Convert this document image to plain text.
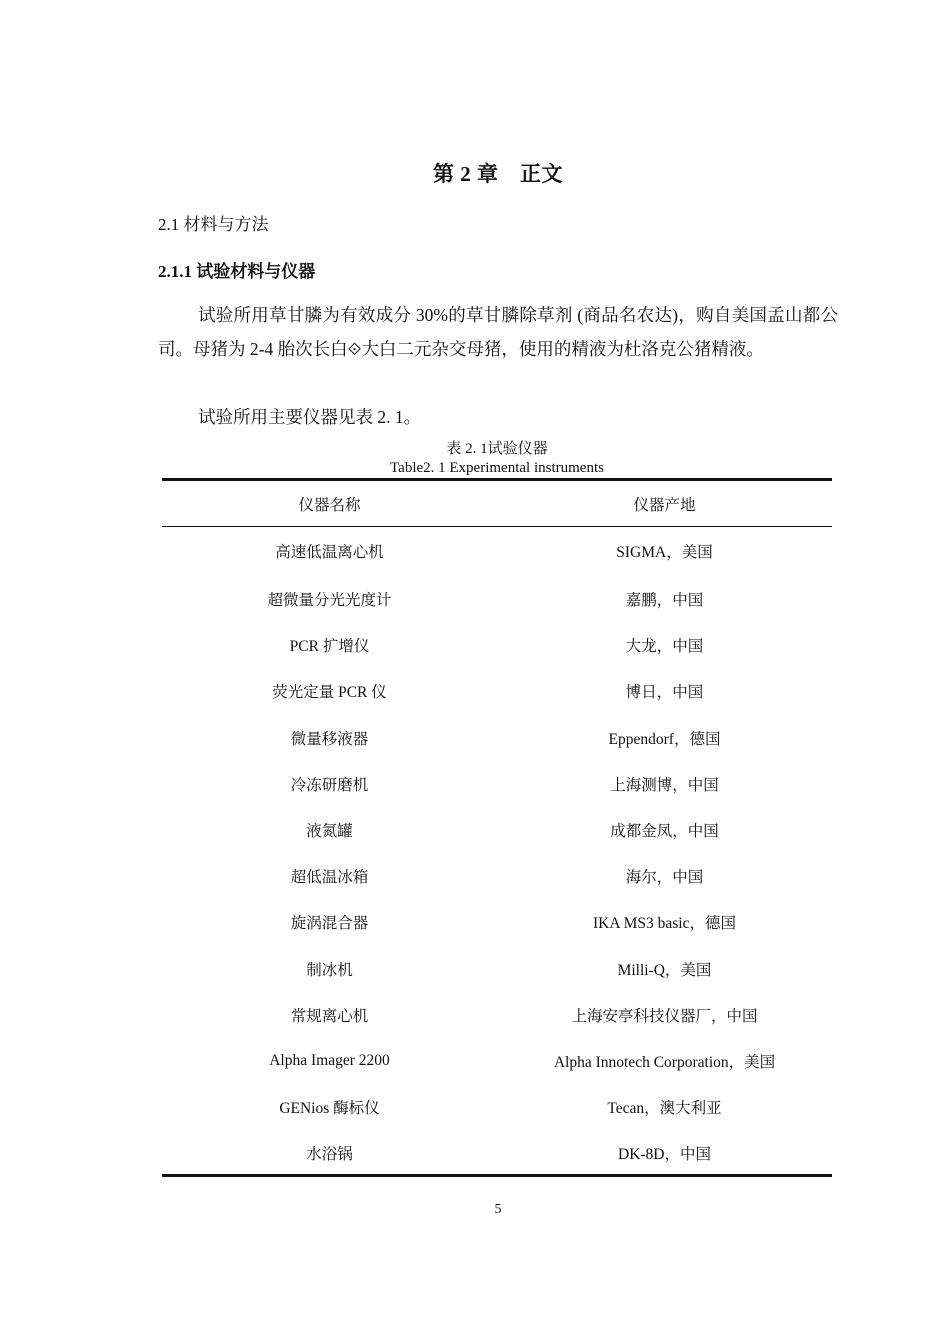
第 2 章　正文
2.1 材料与方法
2.1.1 试验材料与仪器

试验所用草甘膦为有效成分 30%的草甘膦除草剂 (商品名农达)，购自美国孟山都公司。母猪为 2-4 胎次长白⟐大白二元杂交母猪，使用的精液为杜洛克公猪精液。

试验所用主要仪器见表 2. 1。

表 2. 1试验仪器
Table2. 1 Experimental instruments
仪器名称	仪器产地
高速低温离心机	SIGMA，美国
超微量分光光度计	嘉鹏，中国
PCR 扩增仪	大龙，中国
荧光定量 PCR 仪	博日，中国
微量移液器	Eppendorf，德国
冷冻研磨机	上海测博，中国
液氮罐	成都金凤，中国
超低温冰箱	海尔，中国
旋涡混合器	IKA MS3 basic，德国
制冰机	Milli-Q，美国
常规离心机	上海安亭科技仪器厂，中国
Alpha Imager 2200	Alpha Innotech Corporation，美国
GENios 酶标仪	Tecan，澳大利亚
水浴锅	DK-8D，中国
5
